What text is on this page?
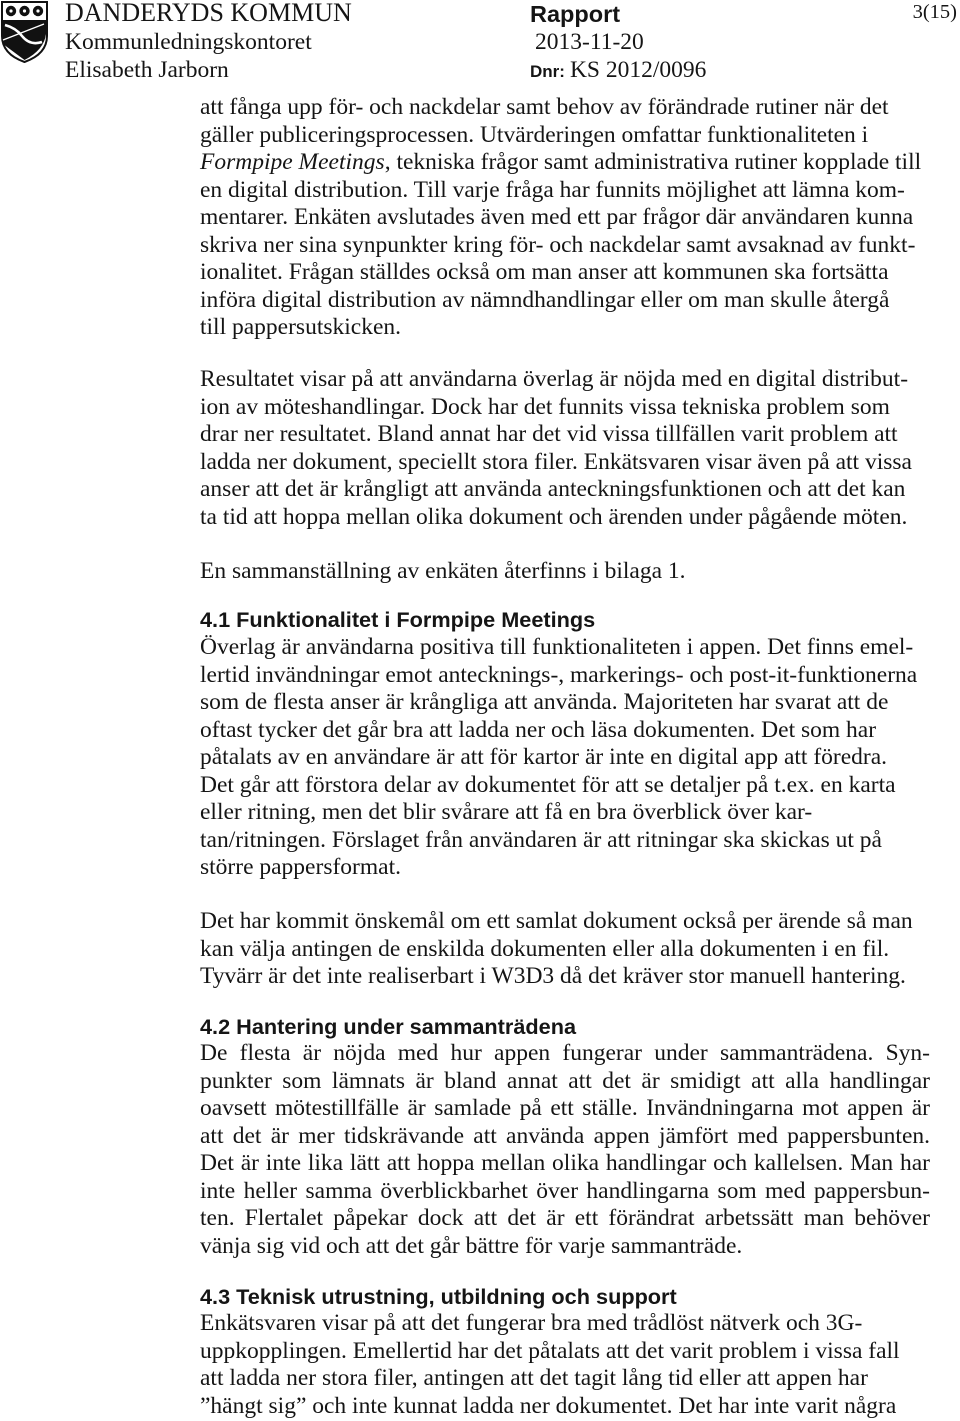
DANDERYDS KOMMUN
Kommunledningskontoret
Elisabeth Jarborn
Rapport
2013-11-20
Dnr: KS 2012/0096
3(15)
att fånga upp för- och nackdelar samt behov av förändrade rutiner när det
gäller publiceringsprocessen. Utvärderingen omfattar funktionaliteten i
Formpipe Meetings, tekniska frågor samt administrativa rutiner kopplade till
en digital distribution. Till varje fråga har funnits möjlighet att lämna kom-
mentarer. Enkäten avslutades även med ett par frågor där användaren kunna
skriva ner sina synpunkter kring för- och nackdelar samt avsaknad av funkt-
ionalitet. Frågan ställdes också om man anser att kommunen ska fortsätta
införa digital distribution av nämndhandlingar eller om man skulle återgå
till pappersutskicken.
Resultatet visar på att användarna överlag är nöjda med en digital distribut-
ion av möteshandlingar. Dock har det funnits vissa tekniska problem som
drar ner resultatet. Bland annat har det vid vissa tillfällen varit problem att
ladda ner dokument, speciellt stora filer. Enkätsvaren visar även på att vissa
anser att det är krångligt att använda anteckningsfunktionen och att det kan
ta tid att hoppa mellan olika dokument och ärenden under pågående möten.
En sammanställning av enkäten återfinns i bilaga 1.
4.1 Funktionalitet i Formpipe Meetings
Överlag är användarna positiva till funktionaliteten i appen. Det finns emel-
lertid invändningar emot antecknings-, markerings- och post-it-funktionerna
som de flesta anser är krångliga att använda. Majoriteten har svarat att de
oftast tycker det går bra att ladda ner och läsa dokumenten. Det som har
påtalats av en användare är att för kartor är inte en digital app att föredra.
Det går att förstora delar av dokumentet för att se detaljer på t.ex. en karta
eller ritning, men det blir svårare att få en bra överblick över kar-
tan/ritningen. Förslaget från användaren är att ritningar ska skickas ut på
större pappersformat.
Det har kommit önskemål om ett samlat dokument också per ärende så man
kan välja antingen de enskilda dokumenten eller alla dokumenten i en fil.
Tyvärr är det inte realiserbart i W3D3 då det kräver stor manuell hantering.
4.2 Hantering under sammanträdena
De flesta är nöjda med hur appen fungerar under sammanträdena. Syn-
punkter som lämnats är bland annat att det är smidigt att alla handlingar
oavsett mötestillfälle är samlade på ett ställe. Invändningarna mot appen är
att det är mer tidskrävande att använda appen jämfört med pappersbunten.
Det är inte lika lätt att hoppa mellan olika handlingar och kallelsen. Man har
inte heller samma överblickbarhet över handlingarna som med pappersbun-
ten. Flertalet påpekar dock att det är ett förändrat arbetssätt man behöver
vänja sig vid och att det går bättre för varje sammanträde.
4.3 Teknisk utrustning, utbildning och support
Enkätsvaren visar på att det fungerar bra med trådlöst nätverk och 3G-
uppkopplingen. Emellertid har det påtalats att det varit problem i vissa fall
att ladda ner stora filer, antingen att det tagit lång tid eller att appen har
”hängt sig” och inte kunnat ladda ner dokumentet. Det har inte varit några
